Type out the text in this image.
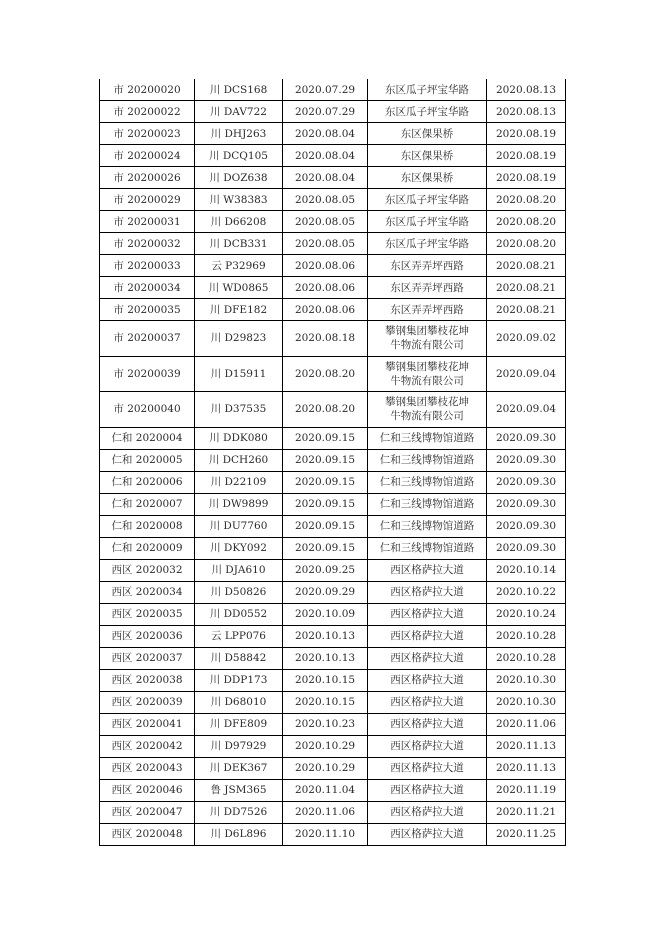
市 20200020	川 DCS168	2020.07.29	东区瓜子坪宝华路	2020.08.13
市 20200022	川 DAV722	2020.07.29	东区瓜子坪宝华路	2020.08.13
市 20200023	川 DHJ263	2020.08.04	东区倮果桥	2020.08.19
市 20200024	川 DCQ105	2020.08.04	东区倮果桥	2020.08.19
市 20200026	川 DOZ638	2020.08.04	东区倮果桥	2020.08.19
市 20200029	川 W38383	2020.08.05	东区瓜子坪宝华路	2020.08.20
市 20200031	川 D66208	2020.08.05	东区瓜子坪宝华路	2020.08.20
市 20200032	川 DCB331	2020.08.05	东区瓜子坪宝华路	2020.08.20
市 20200033	云 P32969	2020.08.06	东区弄弄坪西路	2020.08.21
市 20200034	川 WD0865	2020.08.06	东区弄弄坪西路	2020.08.21
市 20200035	川 DFE182	2020.08.06	东区弄弄坪西路	2020.08.21
市 20200037	川 D29823	2020.08.18	攀钢集团攀枝花坤牛物流有限公司	2020.09.02
市 20200039	川 D15911	2020.08.20	攀钢集团攀枝花坤牛物流有限公司	2020.09.04
市 20200040	川 D37535	2020.08.20	攀钢集团攀枝花坤牛物流有限公司	2020.09.04
仁和 2020004	川 DDK080	2020.09.15	仁和三线博物馆道路	2020.09.30
仁和 2020005	川 DCH260	2020.09.15	仁和三线博物馆道路	2020.09.30
仁和 2020006	川 D22109	2020.09.15	仁和三线博物馆道路	2020.09.30
仁和 2020007	川 DW9899	2020.09.15	仁和三线博物馆道路	2020.09.30
仁和 2020008	川 DU7760	2020.09.15	仁和三线博物馆道路	2020.09.30
仁和 2020009	川 DKY092	2020.09.15	仁和三线博物馆道路	2020.09.30
西区 2020032	川 DJA610	2020.09.25	西区格萨拉大道	2020.10.14
西区 2020034	川 D50826	2020.09.29	西区格萨拉大道	2020.10.22
西区 2020035	川 DD0552	2020.10.09	西区格萨拉大道	2020.10.24
西区 2020036	云 LPP076	2020.10.13	西区格萨拉大道	2020.10.28
西区 2020037	川 D58842	2020.10.13	西区格萨拉大道	2020.10.28
西区 2020038	川 DDP173	2020.10.15	西区格萨拉大道	2020.10.30
西区 2020039	川 D68010	2020.10.15	西区格萨拉大道	2020.10.30
西区 2020041	川 DFE809	2020.10.23	西区格萨拉大道	2020.11.06
西区 2020042	川 D97929	2020.10.29	西区格萨拉大道	2020.11.13
西区 2020043	川 DEK367	2020.10.29	西区格萨拉大道	2020.11.13
西区 2020046	鲁 JSM365	2020.11.04	西区格萨拉大道	2020.11.19
西区 2020047	川 DD7526	2020.11.06	西区格萨拉大道	2020.11.21
西区 2020048	川 D6L896	2020.11.10	西区格萨拉大道	2020.11.25
